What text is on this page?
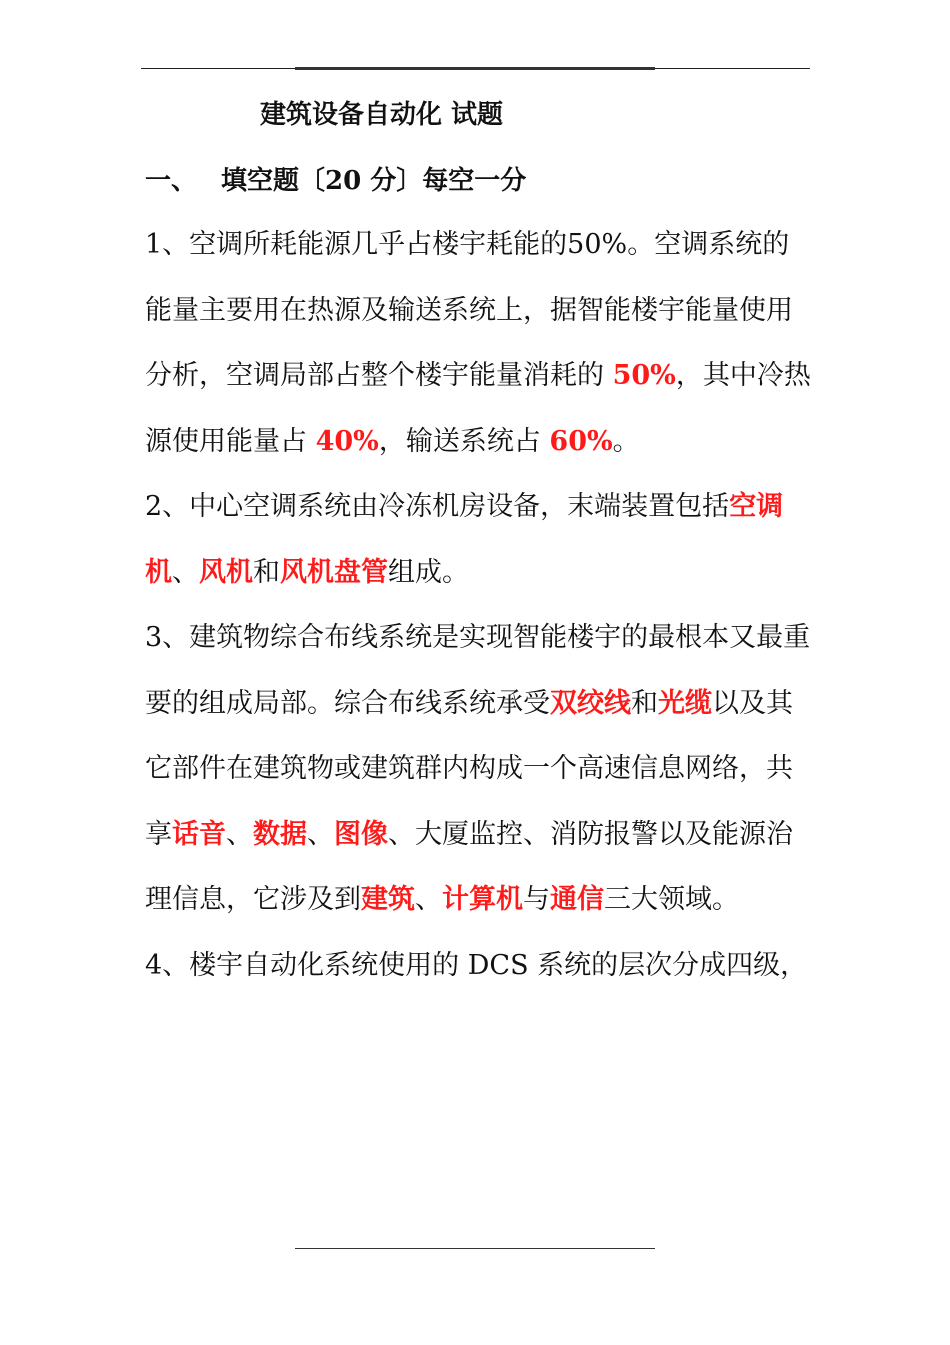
建筑设备自动化 试题
一、 填空题〔20 分〕每空一分

1、空调所耗能源几乎占楼宇耗能的50%。空调系统的能量主要用在热源及输送系统上，据智能楼宇能量使用分析，空调局部占整个楼宇能量消耗的 50%，其中冷热源使用能量占 40%，输送系统占 60%。

2、中心空调系统由冷冻机房设备，末端装置包括空调机、风机和风机盘管组成。

3、建筑物综合布线系统是实现智能楼宇的最根本又最重要的组成局部。综合布线系统承受双绞线和光缆以及其它部件在建筑物或建筑群内构成一个高速信息网络，共享话音、数据、图像、大厦监控、消防报警以及能源治理信息，它涉及到建筑、计算机与通信三大领域。

4、楼宇自动化系统使用的 DCS 系统的层次分成四级，
